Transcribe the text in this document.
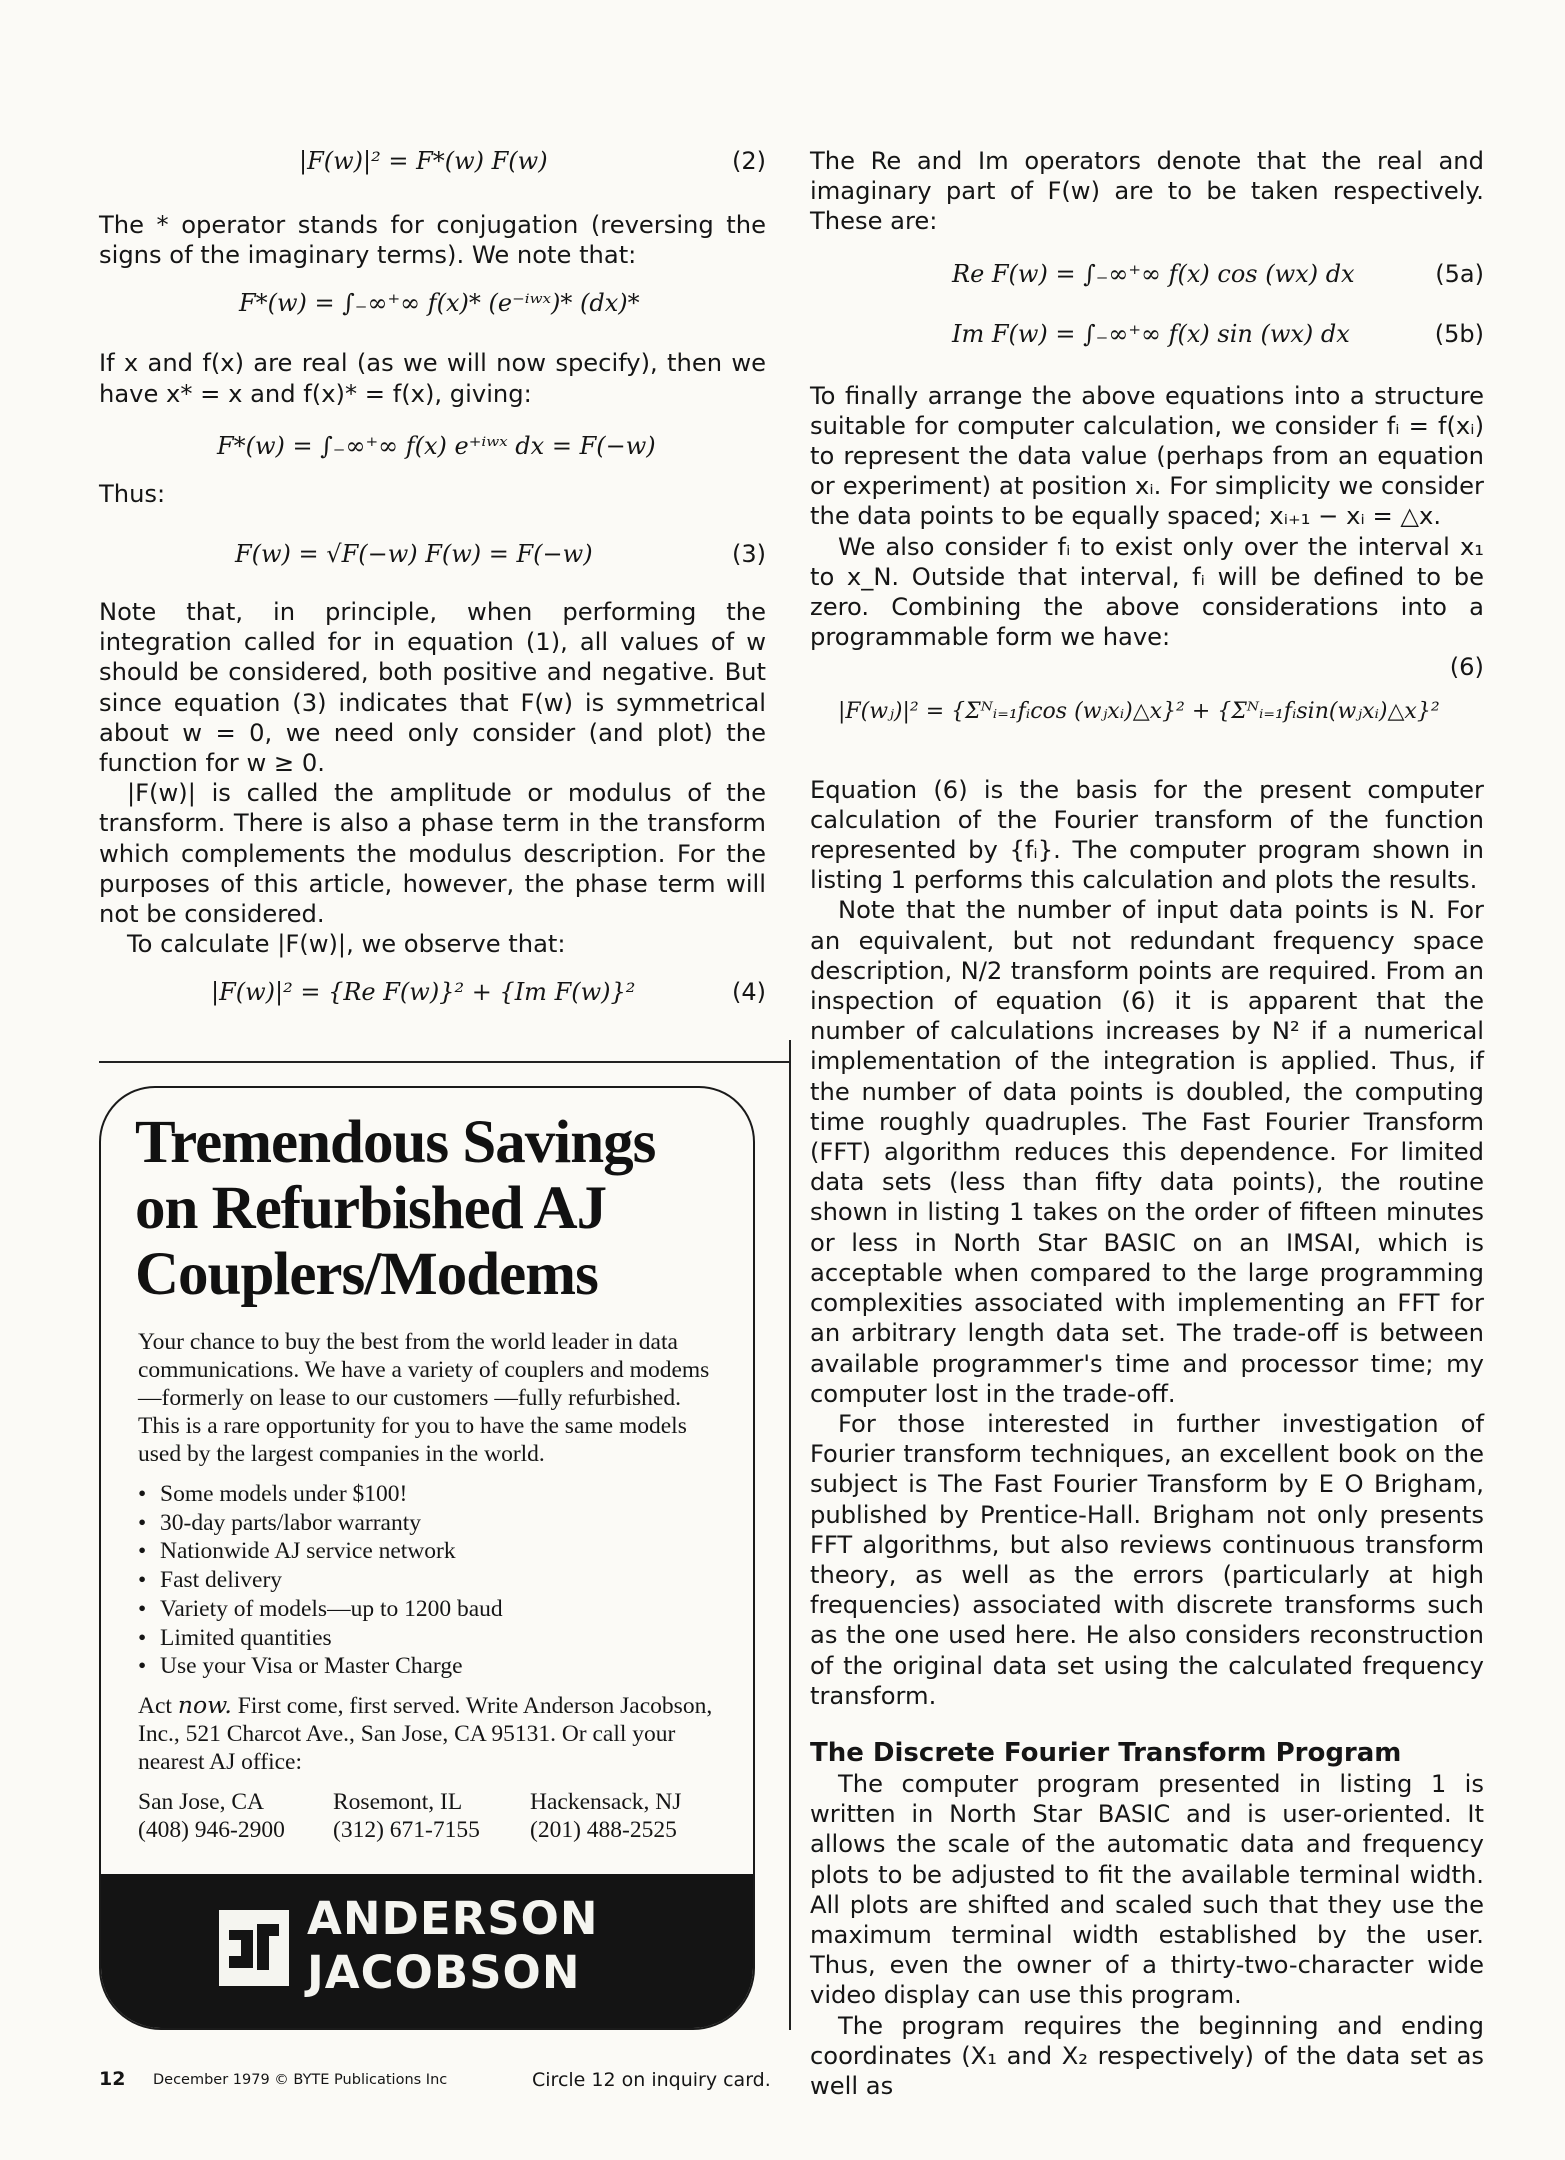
|F(w)|² = F*(w) F(w)	(2)

The * operator stands for conjugation (reversing the signs of the imaginary terms). We note that:

F*(w) = ∫₋∞⁺∞ f(x)* (e⁻ⁱʷˣ)* (dx)*

If x and f(x) are real (as we will now specify), then we have x* = x and f(x)* = f(x), giving:

F*(w) = ∫₋∞⁺∞ f(x) e⁺ⁱʷˣ dx = F(−w)

Thus:

F(w) = √F(−w) F(w) = F(−w)	(3)

Note that, in principle, when performing the integration called for in equation (1), all values of w should be considered, both positive and negative. But since equation (3) indicates that F(w) is symmetrical about w = 0, we need only consider (and plot) the function for w ≥ 0.

|F(w)| is called the amplitude or modulus of the transform. There is also a phase term in the transform which complements the modulus description. For the purposes of this article, however, the phase term will not be considered.

To calculate |F(w)|, we observe that:

|F(w)|² = {Re F(w)}² + {Im F(w)}²	(4)

The Re and Im operators denote that the real and imaginary part of F(w) are to be taken respectively. These are:

Re F(w) = ∫₋∞⁺∞ f(x) cos (wx) dx	(5a)
Im F(w) = ∫₋∞⁺∞ f(x) sin (wx) dx	(5b)

To finally arrange the above equations into a structure suitable for computer calculation, we consider fᵢ = f(xᵢ) to represent the data value (perhaps from an equation or experiment) at position xᵢ. For simplicity we consider the data points to be equally spaced; xᵢ₊₁ − xᵢ = △x.

We also consider fᵢ to exist only over the interval x₁ to x_N. Outside that interval, fᵢ will be defined to be zero. Combining the above considerations into a programmable form we have:

(6)
|F(wⱼ)|² = {Σᴺᵢ₌₁fᵢcos (wⱼxᵢ)△x}² + {Σᴺᵢ₌₁fᵢsin(wⱼxᵢ)△x}²

Equation (6) is the basis for the present computer calculation of the Fourier transform of the function represented by {fᵢ}. The computer program shown in listing 1 performs this calculation and plots the results.

Note that the number of input data points is N. For an equivalent, but not redundant frequency space description, N/2 transform points are required. From an inspection of equation (6) it is apparent that the number of calculations increases by N² if a numerical implementation of the integration is applied. Thus, if the number of data points is doubled, the computing time roughly quadruples. The Fast Fourier Transform (FFT) algorithm reduces this dependence. For limited data sets (less than fifty data points), the routine shown in listing 1 takes on the order of fifteen minutes or less in North Star BASIC on an IMSAI, which is acceptable when compared to the large programming complexities associated with implementing an FFT for an arbitrary length data set. The trade-off is between available programmer's time and processor time; my computer lost in the trade-off.

For those interested in further investigation of Fourier transform techniques, an excellent book on the subject is The Fast Fourier Transform by E O Brigham, published by Prentice-Hall. Brigham not only presents FFT algorithms, but also reviews continuous transform theory, as well as the errors (particularly at high frequencies) associated with discrete transforms such as the one used here. He also considers reconstruction of the original data set using the calculated frequency transform.

The Discrete Fourier Transform Program

The computer program presented in listing 1 is written in North Star BASIC and is user-oriented. It allows the scale of the automatic data and frequency plots to be adjusted to fit the available terminal width. All plots are shifted and scaled such that they use the maximum terminal width established by the user. Thus, even the owner of a thirty-two-character wide video display can use this program.

The program requires the beginning and ending coordinates (X₁ and X₂ respectively) of the data set as well as

Tremendous Savings
on Refurbished AJ
Couplers/Modems
Your chance to buy the best from the world leader in data communications. We have a variety of couplers and modems—formerly on lease to our customers —fully refurbished. This is a rare opportunity for you to have the same models used by the largest companies in the world.
• Some models under $100!
• 30-day parts/labor warranty
• Nationwide AJ service network
• Fast delivery
• Variety of models—up to 1200 baud
• Limited quantities
• Use your Visa or Master Charge
Act now. First come, first served. Write Anderson Jacobson, Inc., 521 Charcot Ave., San Jose, CA 95131. Or call your nearest AJ office:
San Jose, CA
(408) 946-2900
Rosemont, IL
(312) 671-7155
Hackensack, NJ
(201) 488-2525
ANDERSON
JACOBSON
12 December 1979 © BYTE Publications Inc	Circle 12 on inquiry card.
